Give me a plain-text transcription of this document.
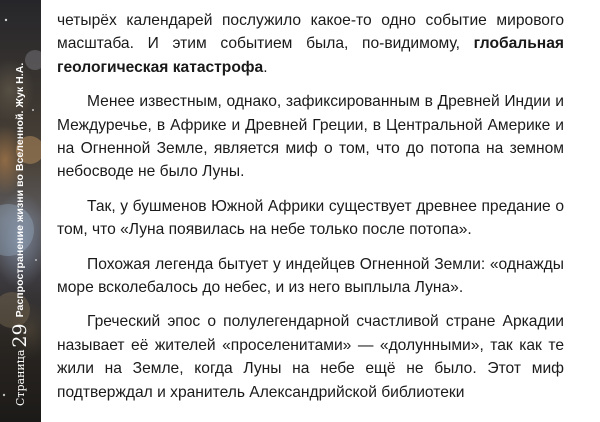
Страница
29
Распространение жизни во Вселенной. Жук Н.А.

четырёх календарей послужило какое-то одно событие мирового масштаба. И этим событием была, по-видимому, глобальная геологическая катастрофа.

Менее известным, однако, зафиксированным в Древней Индии и Междуречье, в Африке и Древней Греции, в Центральной Америке и на Огненной Земле, является миф о том, что до потопа на земном небосводе не было Луны.

Так, у бушменов Южной Африки существует древнее предание о том, что «Луна появилась на небе только после потопа».

Похожая легенда бытует у индейцев Огненной Земли: «однажды море всколебалось до небес, и из него выплыла Луна».

Греческий эпос о полулегендарной счастливой стране Аркадии называет её жителей «проселенитами» — «долунными», так как те жили на Земле, когда Луны на небе ещё не было. Этот миф подтверждал и хранитель Александрийской библиотеки
